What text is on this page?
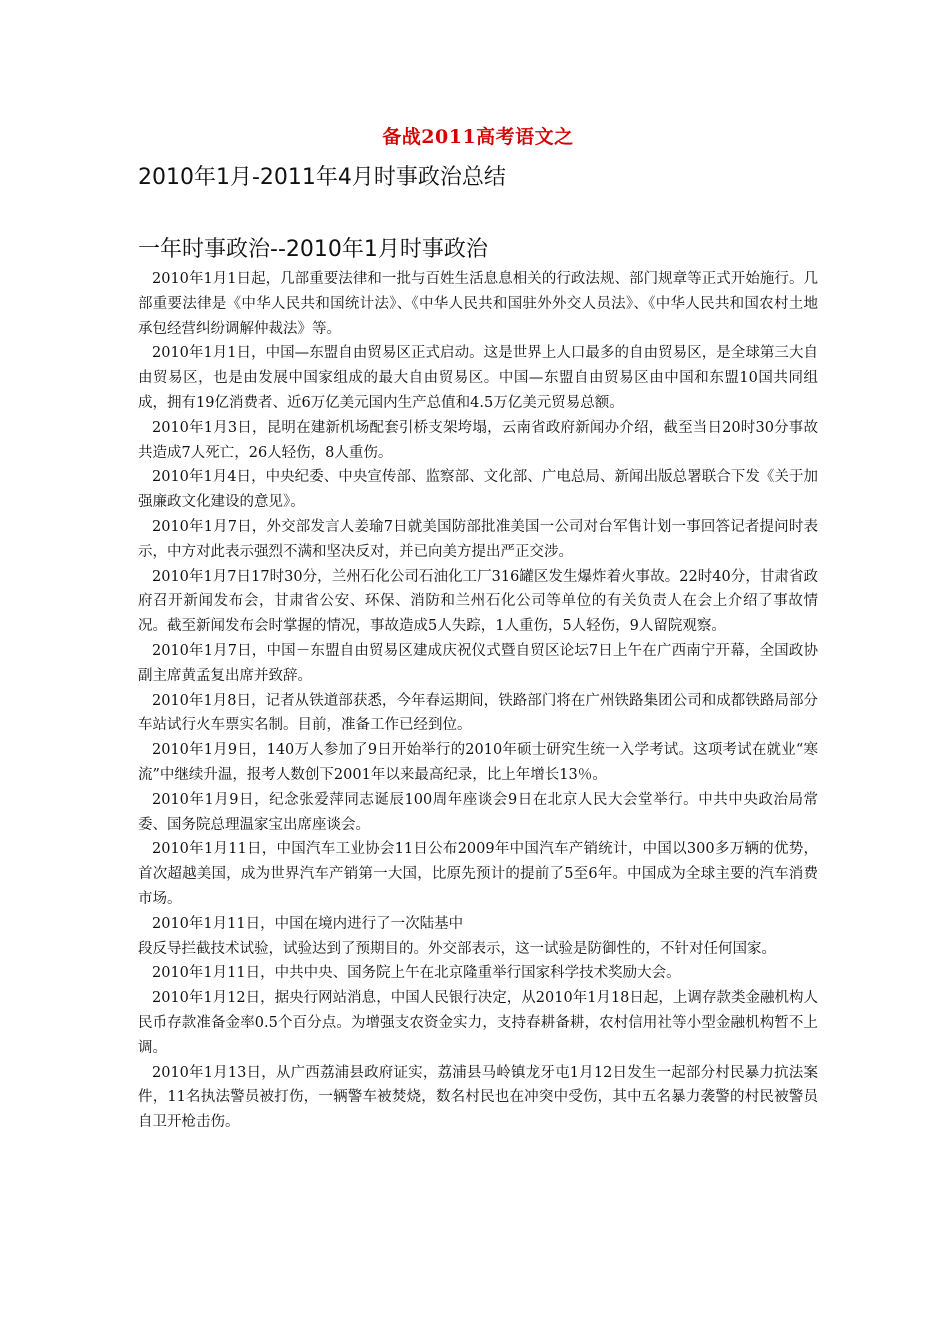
备战2011高考语文之
2010年1月-2011年4月时事政治总结
一年时事政治--2010年1月时事政治

2010年1月1日起，几部重要法律和一批与百姓生活息息相关的行政法规、部门规章等正式开始施行。几部重要法律是《中华人民共和国统计法》、《中华人民共和国驻外外交人员法》、《中华人民共和国农村土地承包经营纠纷调解仲裁法》等。

2010年1月1日，中国—东盟自由贸易区正式启动。这是世界上人口最多的自由贸易区，是全球第三大自由贸易区，也是由发展中国家组成的最大自由贸易区。中国—东盟自由贸易区由中国和东盟10国共同组成，拥有19亿消费者、近6万亿美元国内生产总值和4.5万亿美元贸易总额。

2010年1月3日，昆明在建新机场配套引桥支架垮塌，云南省政府新闻办介绍，截至当日20时30分事故共造成7人死亡，26人轻伤，8人重伤。

2010年1月4日，中央纪委、中央宣传部、监察部、文化部、广电总局、新闻出版总署联合下发《关于加强廉政文化建设的意见》。

2010年1月7日，外交部发言人姜瑜7日就美国防部批准美国一公司对台军售计划一事回答记者提问时表示，中方对此表示强烈不满和坚决反对，并已向美方提出严正交涉。

2010年1月7日17时30分，兰州石化公司石油化工厂316罐区发生爆炸着火事故。22时40分，甘肃省政府召开新闻发布会，甘肃省公安、环保、消防和兰州石化公司等单位的有关负责人在会上介绍了事故情况。截至新闻发布会时掌握的情况，事故造成5人失踪，1人重伤，5人轻伤，9人留院观察。

2010年1月7日，中国－东盟自由贸易区建成庆祝仪式暨自贸区论坛7日上午在广西南宁开幕，全国政协副主席黄孟复出席并致辞。

2010年1月8日，记者从铁道部获悉，今年春运期间，铁路部门将在广州铁路集团公司和成都铁路局部分车站试行火车票实名制。目前，准备工作已经到位。

2010年1月9日，140万人参加了9日开始举行的2010年硕士研究生统一入学考试。这项考试在就业“寒流”中继续升温，报考人数创下2001年以来最高纪录，比上年增长13％。

2010年1月9日，纪念张爱萍同志诞辰100周年座谈会9日在北京人民大会堂举行。中共中央政治局常委、国务院总理温家宝出席座谈会。

2010年1月11日，中国汽车工业协会11日公布2009年中国汽车产销统计，中国以300多万辆的优势，首次超越美国，成为世界汽车产销第一大国，比原先预计的提前了5至6年。中国成为全球主要的汽车消费市场。

2010年1月11日，中国在境内进行了一次陆基中

段反导拦截技术试验，试验达到了预期目的。外交部表示，这一试验是防御性的，不针对任何国家。

2010年1月11日，中共中央、国务院上午在北京隆重举行国家科学技术奖励大会。

2010年1月12日，据央行网站消息，中国人民银行决定，从2010年1月18日起，上调存款类金融机构人民币存款准备金率0.5个百分点。为增强支农资金实力，支持春耕备耕，农村信用社等小型金融机构暂不上调。

2010年1月13日，从广西荔浦县政府证实，荔浦县马岭镇龙牙屯1月12日发生一起部分村民暴力抗法案件，11名执法警员被打伤，一辆警车被焚烧，数名村民也在冲突中受伤，其中五名暴力袭警的村民被警员自卫开枪击伤。
